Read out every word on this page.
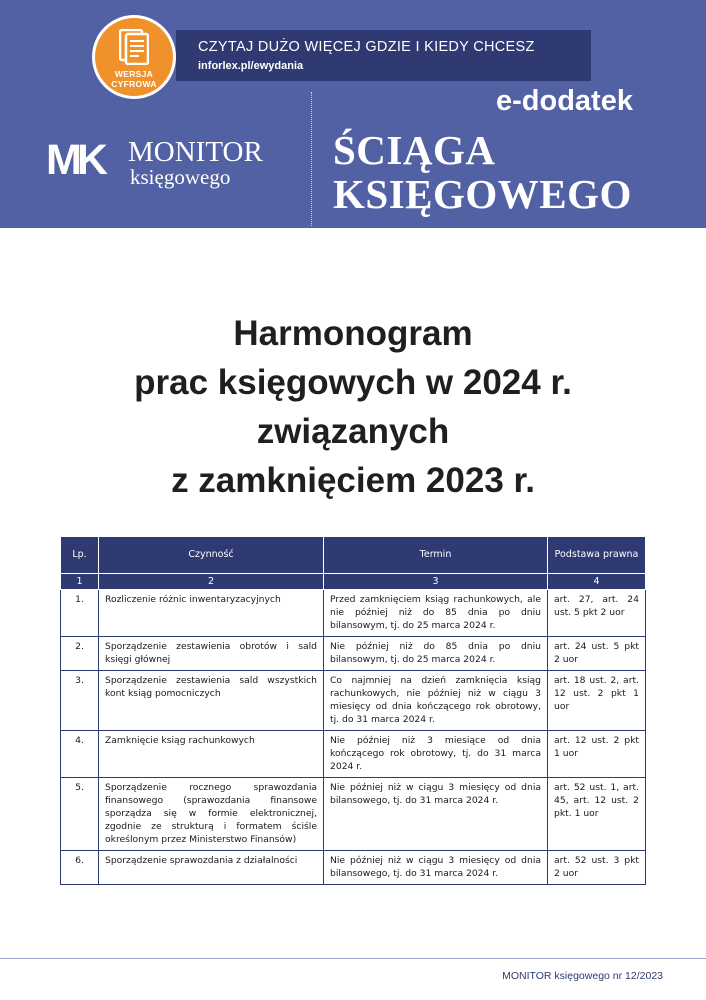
CZYTAJ DUŻO WIĘCEJ GDZIE I KIEDY CHCESZ
inforlex.pl/ewydania
WERSJA
CYFROWA
e-dodatek
ŚCIĄGA
KSIĘGOWEGO
MK MONITOR
księgowego
Harmonogram
prac księgowych w 2024 r.
związanych
z zamknięciem 2023 r.
Lp.	Czynność	Termin	Podstawa prawna
1	2	3	4
1.	Rozliczenie różnic inwentaryzacyjnych	Przed zamknięciem ksiąg rachunkowych, ale nie później niż do 85 dnia po dniu bilansowym, tj. do 25 marca 2024 r.	art. 27, art. 24 ust. 5 pkt 2 uor
2.	Sporządzenie zestawienia obrotów i sald księgi głównej	Nie później niż do 85 dnia po dniu bilansowym, tj. do 25 marca 2024 r.	art. 24 ust. 5 pkt 2 uor
3.	Sporządzenie zestawienia sald wszystkich kont ksiąg pomocniczych	Co najmniej na dzień zamknięcia ksiąg rachunkowych, nie później niż w ciągu 3 miesięcy od dnia kończącego rok obrotowy, tj. do 31 marca 2024 r.	art. 18 ust. 2, art. 12 ust. 2 pkt 1 uor
4.	Zamknięcie ksiąg rachunkowych	Nie później niż 3 miesiące od dnia kończącego rok obrotowy, tj. do 31 marca 2024 r.	art. 12 ust. 2 pkt 1 uor
5.	Sporządzenie rocznego sprawozdania finansowego (sprawozdania finansowe sporządza się w formie elektronicznej, zgodnie ze strukturą i formatem ściśle określonym przez Ministerstwo Finansów)	Nie później niż w ciągu 3 miesięcy od dnia bilansowego, tj. do 31 marca 2024 r.	art. 52 ust. 1, art. 45, art. 12 ust. 2 pkt. 1 uor
6.	Sporządzenie sprawozdania z działalności	Nie później niż w ciągu 3 miesięcy od dnia bilansowego, tj. do 31 marca 2024 r.	art. 52 ust. 3 pkt 2 uor
MONITOR księgowego nr 12/2023
